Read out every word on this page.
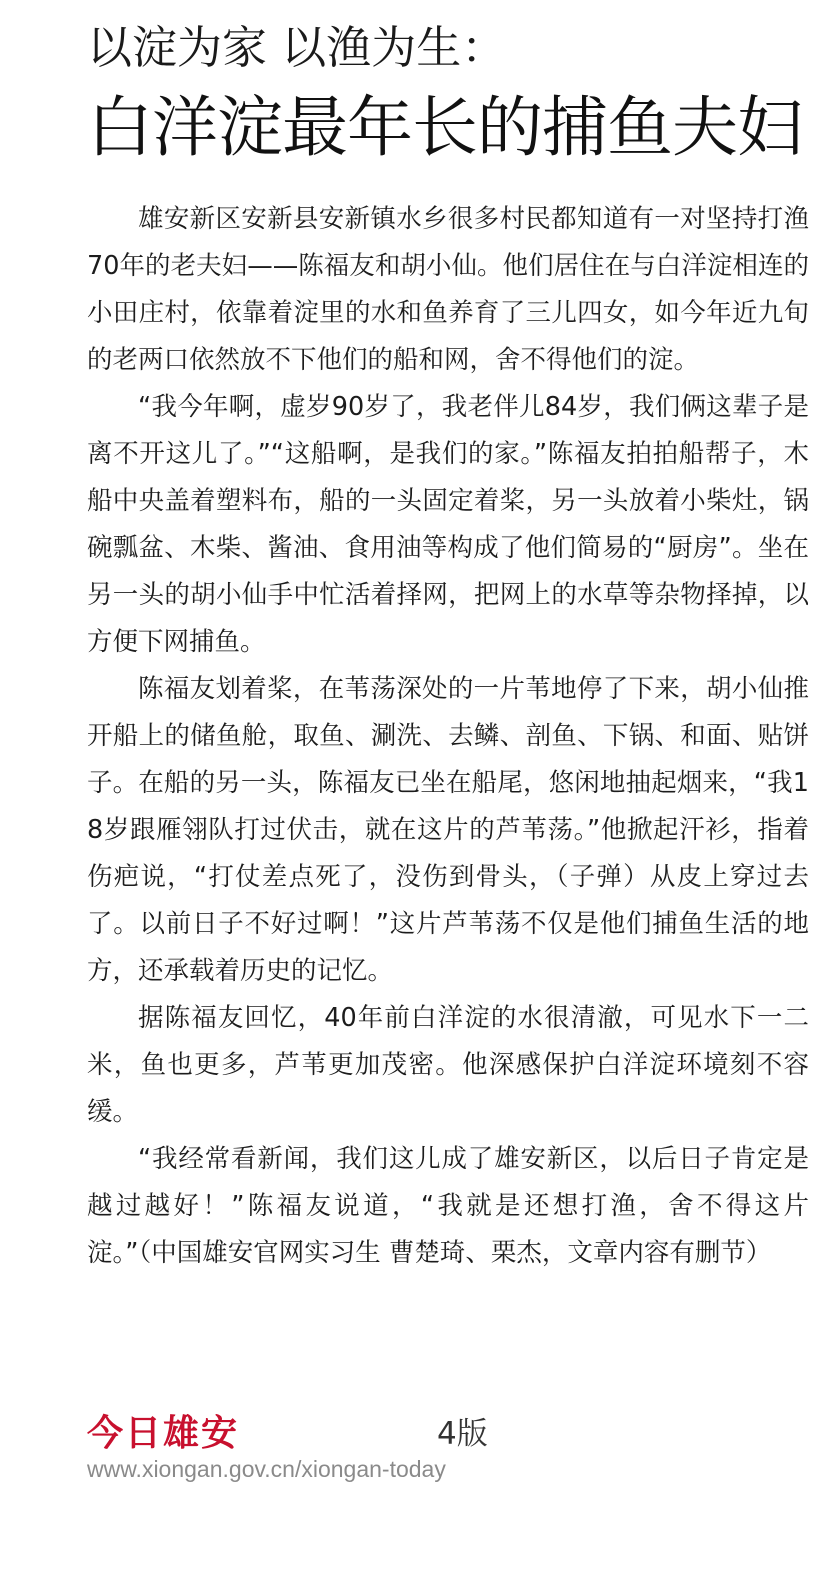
以淀为家 以渔为生：
白洋淀最年长的捕鱼夫妇

雄安新区安新县安新镇水乡很多村民都知道有一对坚持打渔70年的老夫妇——陈福友和胡小仙。他们居住在与白洋淀相连的小田庄村，依靠着淀里的水和鱼养育了三儿四女，如今年近九旬的老两口依然放不下他们的船和网，舍不得他们的淀。

“我今年啊，虚岁90岁了，我老伴儿84岁，我们俩这辈子是离不开这儿了。”“这船啊，是我们的家。”陈福友拍拍船帮子，木船中央盖着塑料布，船的一头固定着桨，另一头放着小柴灶，锅碗瓢盆、木柴、酱油、食用油等构成了他们简易的“厨房”。坐在另一头的胡小仙手中忙活着择网，把网上的水草等杂物择掉，以方便下网捕鱼。

陈福友划着桨，在苇荡深处的一片苇地停了下来，胡小仙推开船上的储鱼舱，取鱼、涮洗、去鳞、剖鱼、下锅、和面、贴饼子。在船的另一头，陈福友已坐在船尾，悠闲地抽起烟来，“我18岁跟雁翎队打过伏击，就在这片的芦苇荡。”他掀起汗衫，指着伤疤说，“打仗差点死了，没伤到骨头，（子弹）从皮上穿过去了。以前日子不好过啊！”这片芦苇荡不仅是他们捕鱼生活的地方，还承载着历史的记忆。

据陈福友回忆，40年前白洋淀的水很清澈，可见水下一二米，鱼也更多，芦苇更加茂密。他深感保护白洋淀环境刻不容缓。

“我经常看新闻，我们这儿成了雄安新区，以后日子肯定是越过越好！”陈福友说道，“我就是还想打渔，舍不得这片淀。”（中国雄安官网实习生 曹楚琦、栗杰，文章内容有删节）

今日雄安	4版
www.xiongan.gov.cn/xiongan-today
